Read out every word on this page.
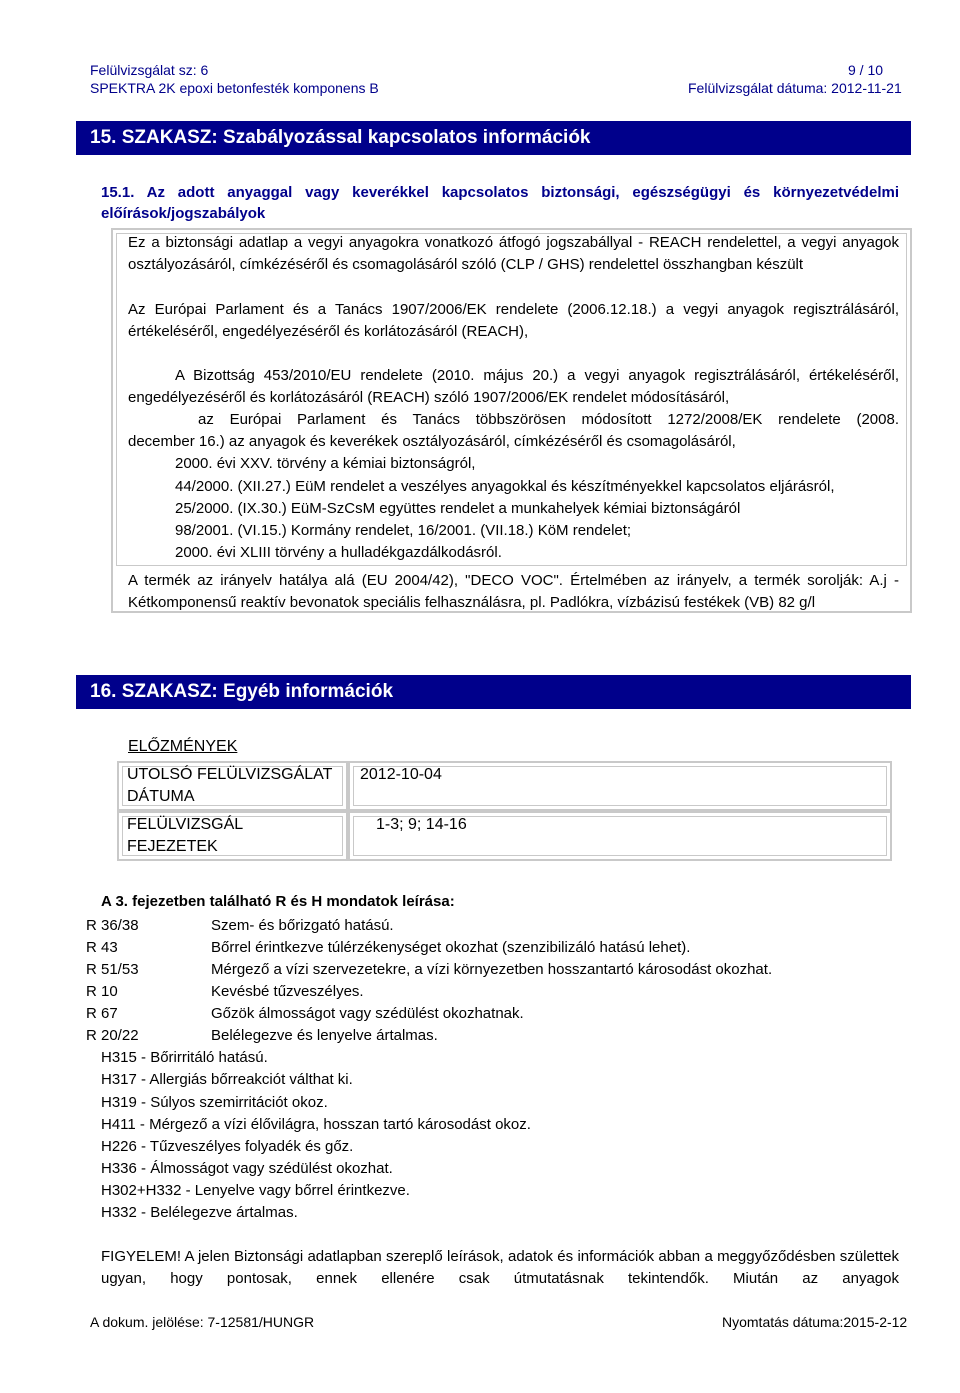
Felülvizsgálat sz: 6	9 / 10
SPEKTRA 2K epoxi betonfesték komponens B	Felülvizsgálat dátuma: 2012-11-21
15. SZAKASZ: Szabályozással kapcsolatos információk
15.1. Az adott anyaggal vagy keverékkel kapcsolatos biztonsági, egészségügyi és környezetvédelmi előírások/jogszabályok
Ez a biztonsági adatlap a vegyi anyagokra vonatkozó átfogó jogszabállyal - REACH rendelettel, a vegyi anyagok osztályozásáról, címkézéséről és csomagolásáról szóló (CLP / GHS) rendelettel összhangban készült
Az Európai Parlament és a Tanács 1907/2006/EK rendelete (2006.12.18.) a vegyi anyagok regisztrálásáról, értékeléséről, engedélyezéséről és korlátozásáról (REACH),
A Bizottság 453/2010/EU rendelete (2010. május 20.) a vegyi anyagok regisztrálásáról, értékeléséről,
engedélyezéséről és korlátozásáról (REACH) szóló 1907/2006/EK rendelet módosításáról,
az Európai Parlament és Tanács többszörösen módosított 1272/2008/EK rendelete (2008.
december 16.) az anyagok és keverékek osztályozásáról, címkézéséről és csomagolásáról,
2000. évi XXV. törvény a kémiai biztonságról,
44/2000. (XII.27.) EüM rendelet a veszélyes anyagokkal és készítményekkel kapcsolatos eljárásról,
25/2000. (IX.30.) EüM-SzCsM együttes rendelet a munkahelyek kémiai biztonságáról
98/2001. (VI.15.) Kormány rendelet, 16/2001. (VII.18.) KöM rendelet;
2000. évi XLIII törvény a hulladékgazdálkodásról.
A termék az irányelv hatálya alá (EU 2004/42), "DECO VOC". Értelmében az irányelv, a termék sorolják: A.j -
Kétkomponensű reaktív bevonatok speciális felhasználásra, pl. Padlókra, vízbázisú festékek (VB) 82 g/l
16. SZAKASZ: Egyéb információk
ELŐZMÉNYEK
UTOLSÓ FELÜLVIZSGÁLAT DÁTUMA
2012-10-04
FELÜLVIZSGÁL FEJEZETEK
1-3; 9; 14-16
A 3. fejezetben található R és H mondatok leírása:
R 36/38	Szem- és bőrizgató hatású.
R 43	Bőrrel érintkezve túlérzékenységet okozhat (szenzibilizáló hatású lehet).
R 51/53	Mérgező a vízi szervezetekre, a vízi környezetben hosszantartó károsodást okozhat.
R 10	Kevésbé tűzveszélyes.
R 67	Gőzök álmosságot vagy szédülést okozhatnak.
R 20/22	Belélegezve és lenyelve ártalmas.
H315 - Bőrirritáló hatású.
H317 - Allergiás bőrreakciót válthat ki.
H319 - Súlyos szemirritációt okoz.
H411 - Mérgező a vízi élővilágra, hosszan tartó károsodást okoz.
H226 - Tűzveszélyes folyadék és gőz.
H336 - Álmosságot vagy szédülést okozhat.
H302+H332 - Lenyelve vagy bőrrel érintkezve.
H332 - Belélegezve ártalmas.
FIGYELEM! A jelen Biztonsági adatlapban szereplő leírások, adatok és információk abban a meggyőződésben születtek ugyan, hogy pontosak, ennek ellenére csak útmutatásnak tekintendők. Miután az anyagok
A dokum. jelölése: 7-12581/HUNGR	Nyomtatás dátuma:2015-2-12
